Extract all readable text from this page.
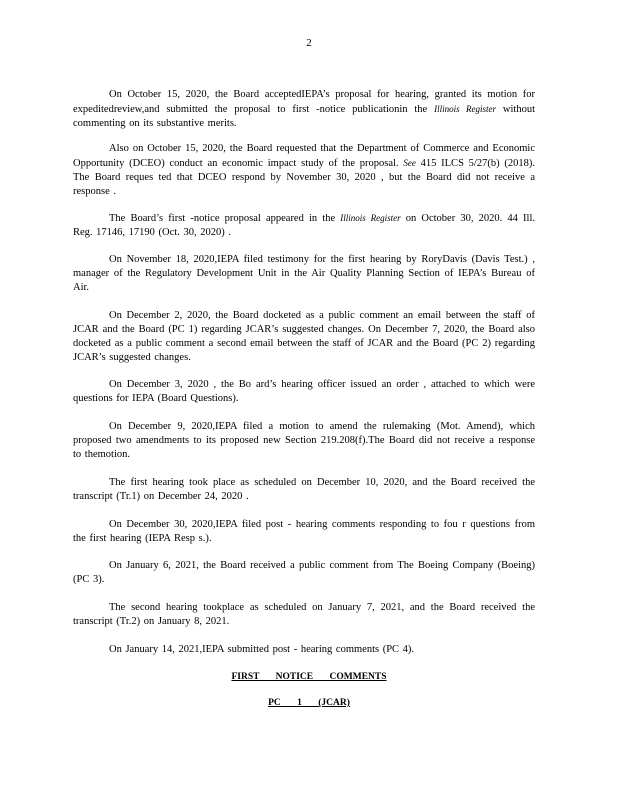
2
On October 15, 2020, the Board acceptedIEPA’s proposal for hearing, granted its motion for expeditedreview,and submitted the proposal to first -notice publicationin the Illinois Register without commenting on its substantive merits.
Also on October 15, 2020, the Board requested that the Department of Commerce and Economic Opportunity (DCEO) conduct an economic impact study of the proposal. See 415 ILCS 5/27(b) (2018). The Board reques ted that DCEO respond by November 30, 2020 , but the Board did not receive a response .
The Board’s first -notice proposal appeared in the Illinois Register on October 30, 2020. 44 Ill. Reg. 17146, 17190 (Oct. 30, 2020) .
On November 18, 2020,IEPA filed testimony for the first hearing by RoryDavis (Davis Test.) , manager of the Regulatory Development Unit in the Air Quality Planning Section of IEPA’s Bureau of Air.
On December 2, 2020, the Board docketed as a public comment an email between the staff of JCAR and the Board (PC 1) regarding JCAR’s suggested changes. On December 7, 2020, the Board also docketed as a public comment a second email between the staff of JCAR and the Board (PC 2) regarding JCAR’s suggested changes.
On December 3, 2020 , the Bo ard’s hearing officer issued an order , attached to which were questions for IEPA (Board Questions).
On December 9, 2020,IEPA filed a motion to amend the rulemaking (Mot. Amend), which proposed two amendments to its proposed new Section 219.208(f).The Board did not receive a response to themotion.
The first hearing took place as scheduled on December 10, 2020, and the Board received the transcript (Tr.1) on December 24, 2020 .
On December 30, 2020,IEPA filed post - hearing comments responding to fou r questions from the first hearing (IEPA Resp s.).
On January 6, 2021, the Board received a public comment from The Boeing Company (Boeing) (PC 3).
The second hearing tookplace as scheduled on January 7, 2021, and the Board received the transcript (Tr.2) on January 8, 2021.
On January 14, 2021,IEPA submitted post - hearing comments (PC 4).
FIRST NOTICE COMMENTS
PC 1 (JCAR)
